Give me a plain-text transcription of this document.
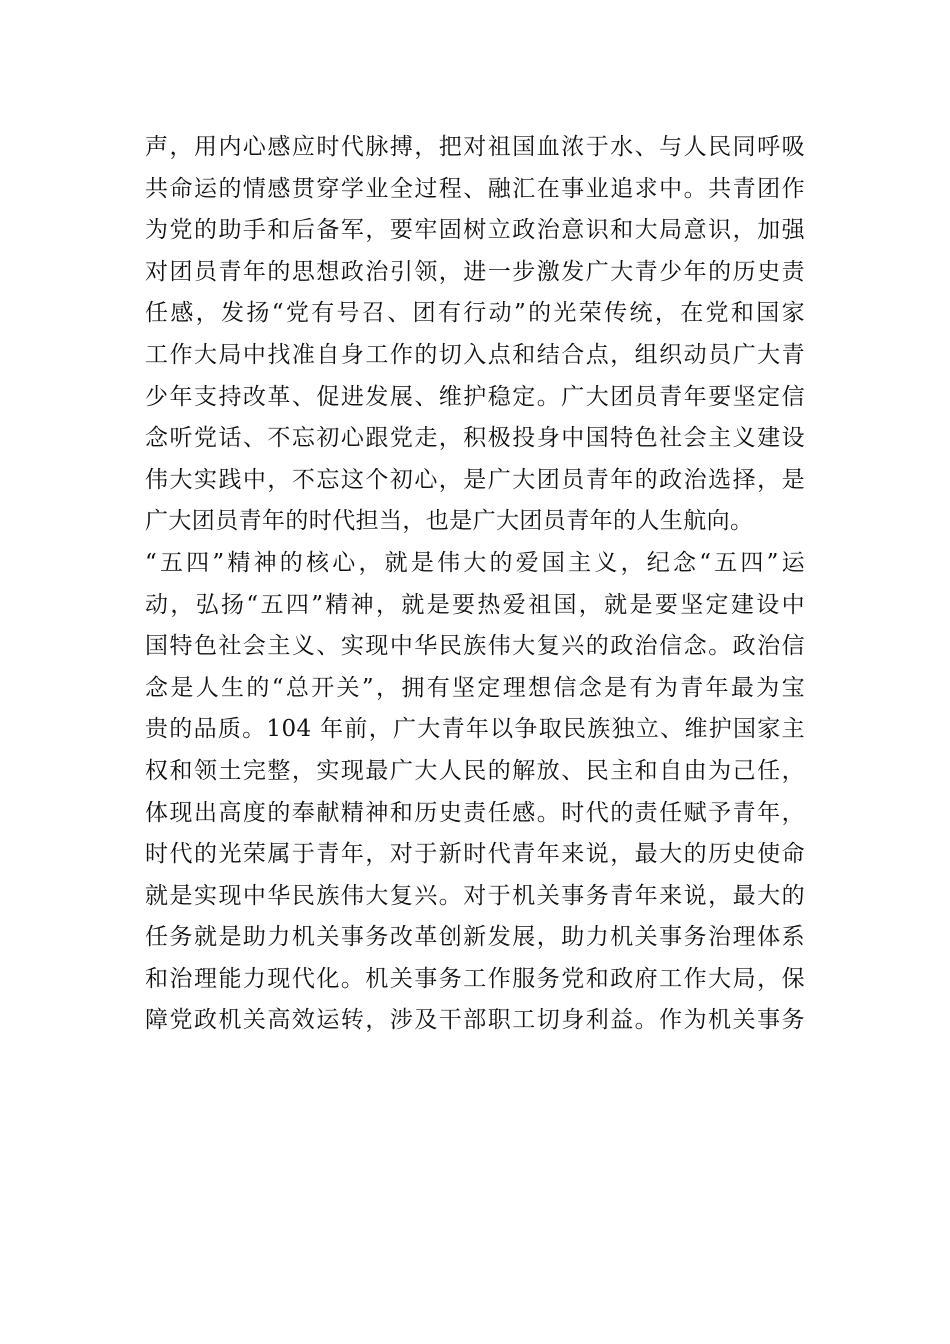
声，用内心感应时代脉搏，把对祖国血浓于水、与人民同呼吸
共命运的情感贯穿学业全过程、融汇在事业追求中。共青团作
为党的助手和后备军，要牢固树立政治意识和大局意识，加强
对团员青年的思想政治引领，进一步激发广大青少年的历史责
任感，发扬“党有号召、团有行动”的光荣传统，在党和国家
工作大局中找准自身工作的切入点和结合点，组织动员广大青
少年支持改革、促进发展、维护稳定。广大团员青年要坚定信
念听党话、不忘初心跟党走，积极投身中国特色社会主义建设
伟大实践中，不忘这个初心，是广大团员青年的政治选择，是
广大团员青年的时代担当，也是广大团员青年的人生航向。
“五四”精神的核心，就是伟大的爱国主义，纪念“五四”运
动，弘扬“五四”精神，就是要热爱祖国，就是要坚定建设中
国特色社会主义、实现中华民族伟大复兴的政治信念。政治信
念是人生的“总开关”，拥有坚定理想信念是有为青年最为宝
贵的品质。104 年前，广大青年以争取民族独立、维护国家主
权和领土完整，实现最广大人民的解放、民主和自由为己任，
体现出高度的奉献精神和历史责任感。时代的责任赋予青年，
时代的光荣属于青年，对于新时代青年来说，最大的历史使命
就是实现中华民族伟大复兴。对于机关事务青年来说，最大的
任务就是助力机关事务改革创新发展，助力机关事务治理体系
和治理能力现代化。机关事务工作服务党和政府工作大局，保
障党政机关高效运转，涉及干部职工切身利益。作为机关事务
